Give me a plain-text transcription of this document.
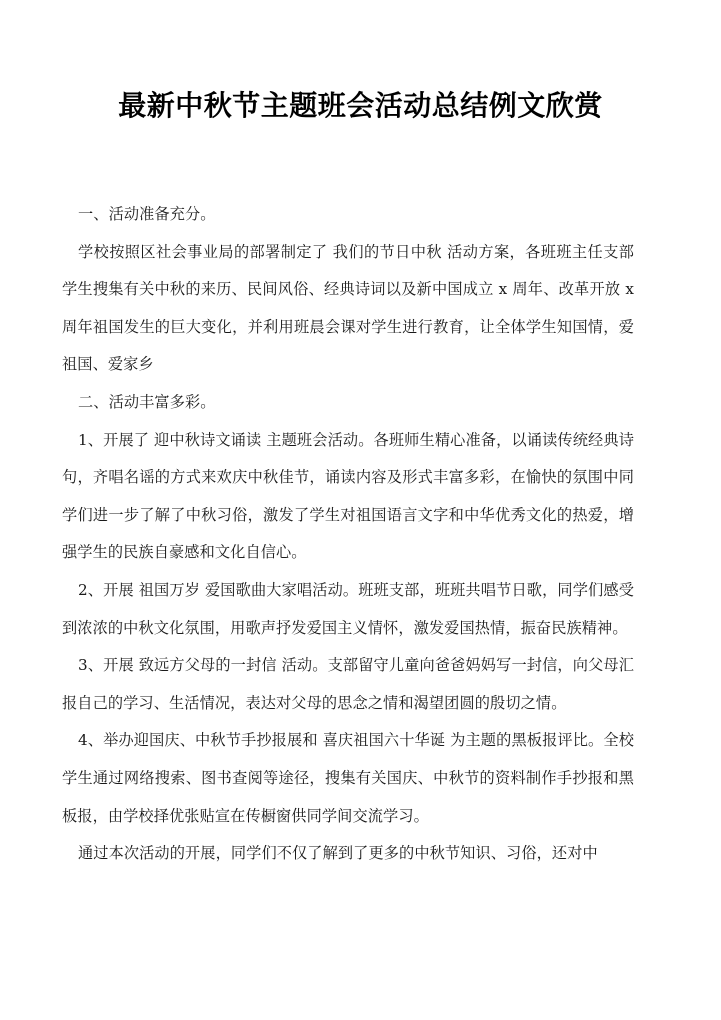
最新中秋节主题班会活动总结例文欣赏

一、活动准备充分。

学校按照区社会事业局的部署制定了 我们的节日中秋 活动方案，各班班主任支部学生搜集有关中秋的来历、民间风俗、经典诗词以及新中国成立 x 周年、改革开放 x 周年祖国发生的巨大变化，并利用班晨会课对学生进行教育，让全体学生知国情，爱祖国、爱家乡

二、活动丰富多彩。

1、开展了 迎中秋诗文诵读 主题班会活动。各班师生精心准备，以诵读传统经典诗句，齐唱名谣的方式来欢庆中秋佳节，诵读内容及形式丰富多彩，在愉快的氛围中同学们进一步了解了中秋习俗，激发了学生对祖国语言文字和中华优秀文化的热爱，增强学生的民族自豪感和文化自信心。

2、开展 祖国万岁 爱国歌曲大家唱活动。班班支部，班班共唱节日歌，同学们感受到浓浓的中秋文化氛围，用歌声抒发爱国主义情怀，激发爱国热情，振奋民族精神。

3、开展 致远方父母的一封信 活动。支部留守儿童向爸爸妈妈写一封信，向父母汇报自己的学习、生活情况，表达对父母的思念之情和渴望团圆的殷切之情。

4、举办迎国庆、中秋节手抄报展和 喜庆祖国六十华诞 为主题的黑板报评比。全校学生通过网络搜索、图书查阅等途径，搜集有关国庆、中秋节的资料制作手抄报和黑板报，由学校择优张贴宣在传橱窗供同学间交流学习。

通过本次活动的开展，同学们不仅了解到了更多的中秋节知识、习俗，还对中
